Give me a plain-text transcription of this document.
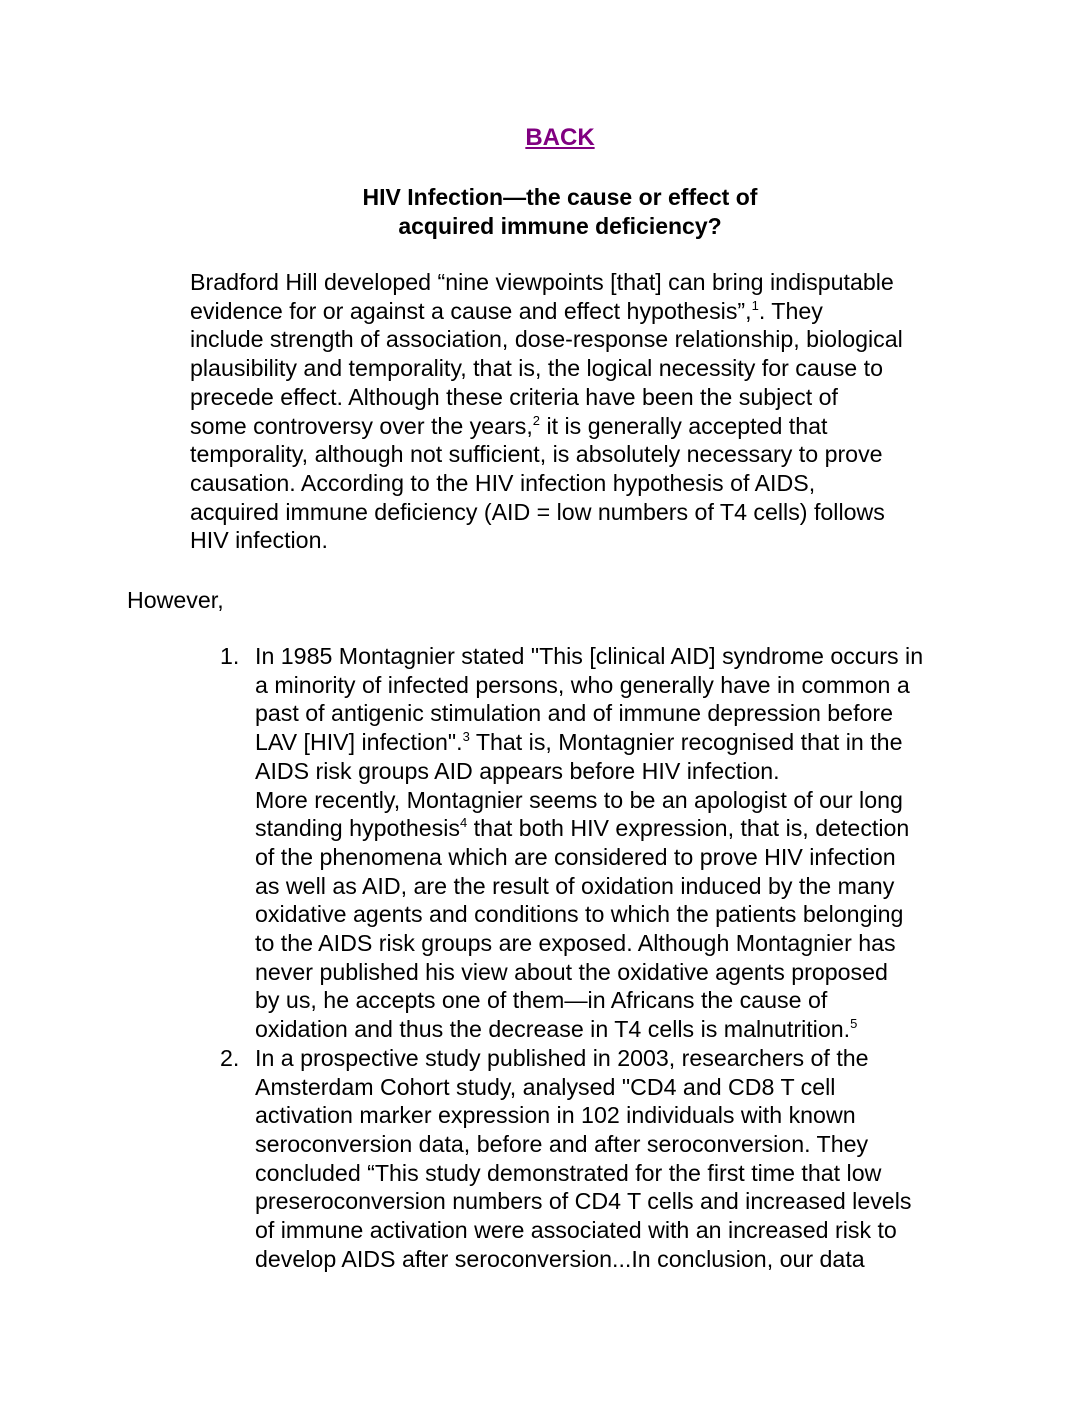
BACK
HIV Infection—the cause or effect of
acquired immune deficiency?
Bradford Hill developed “nine viewpoints [that] can bring indisputable
evidence for or against a cause and effect hypothesis”,$^1$. They
include strength of association, dose-response relationship, biological
plausibility and temporality, that is, the logical necessity for cause to
precede effect. Although these criteria have been the subject of
some controversy over the years,$^2$ it is generally accepted that
temporality, although not sufficient, is absolutely necessary to prove
causation. According to the HIV infection hypothesis of AIDS,
acquired immune deficiency (AID = low numbers of T4 cells) follows
HIV infection.
However,
1. In 1985 Montagnier stated "This [clinical AID] syndrome occurs in
a minority of infected persons, who generally have in common a
past of antigenic stimulation and of immune depression before
LAV [HIV] infection".$^3$ That is, Montagnier recognised that in the
AIDS risk groups AID appears before HIV infection.
More recently, Montagnier seems to be an apologist of our long
standing hypothesis$^4$ that both HIV expression, that is, detection
of the phenomena which are considered to prove HIV infection
as well as AID, are the result of oxidation induced by the many
oxidative agents and conditions to which the patients belonging
to the AIDS risk groups are exposed. Although Montagnier has
never published his view about the oxidative agents proposed
by us, he accepts one of them—in Africans the cause of
oxidation and thus the decrease in T4 cells is malnutrition.$^5$
2. In a prospective study published in 2003, researchers of the
Amsterdam Cohort study, analysed "CD4 and CD8 T cell
activation marker expression in 102 individuals with known
seroconversion data, before and after seroconversion. They
concluded “This study demonstrated for the first time that low
preseroconversion numbers of CD4 T cells and increased levels
of immune activation were associated with an increased risk to
develop AIDS after seroconversion...In conclusion, our data
